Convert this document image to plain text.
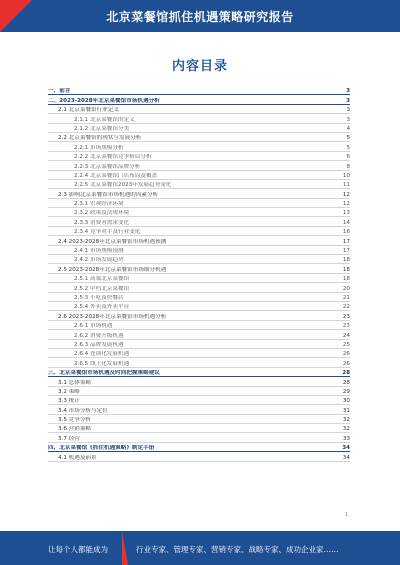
北京菜餐馆抓住机遇策略研究报告
内容目录
一、前言	3
二、2023-2028年北京菜餐馆市场机遇分析	3
2.1 北京菜餐馆行业定义	3
2.1.1 北京菜餐馆的定义	3
2.1.2 北京菜餐馆分类	4
2.2 北京菜餐馆的现状与发展分析	5
2.2.1 市场规模分析	5
2.2.2 北京菜餐馆竞争格局分析	6
2.2.3 北京菜餐馆品牌分析	8
2.2.4 北京菜餐馆门店布局及覆盖	10
2.2.5 北京菜餐馆2023年发展趋势变化	11
2.3 影响北京菜餐馆市场机遇的因素分析	12
2.3.1 宏观经济环境	12
2.3.2 政策及法规环境	13
2.3.3 消费者需求变化	14
2.3.4 竞争对手及行业变化	16
2.4 2023-2028年北京菜餐馆市场机遇预测	17
2.4.1 市场规模预测	17
2.4.2 市场发展趋势	18
2.5 2023-2028年北京菜餐馆市场细分机遇	18
2.5.1 高端北京菜餐馆	18
2.5.2 中档北京菜餐馆	20
2.5.3 小吃及快餐店	21
2.5.4 外卖及外卖平台	22
2.6 2023-2028年北京菜餐馆市场机遇分析	23
2.6.1 市场机遇	23
2.6.2 消费升级机遇	24
2.6.3 品牌发展机遇	25
2.6.4 连锁化发展机遇	26
2.6.5 线上化发展机遇	26
三、北京菜餐馆市场机遇及时间把握策略建议	28
3.1 总体策略	28
3.2 策略	29
3.3 统计	30
3.4 市场分析与定位	31
3.5 竞争分析	32
3.6 营销策略	32
3.7 经营	33
四、北京菜餐馆《抓住机遇策略》制定手册	34
4.1 机遇及前景	34
1
让每个人都能成为	行业专家、管理专家、营销专家、战略专家、成功企业家……
